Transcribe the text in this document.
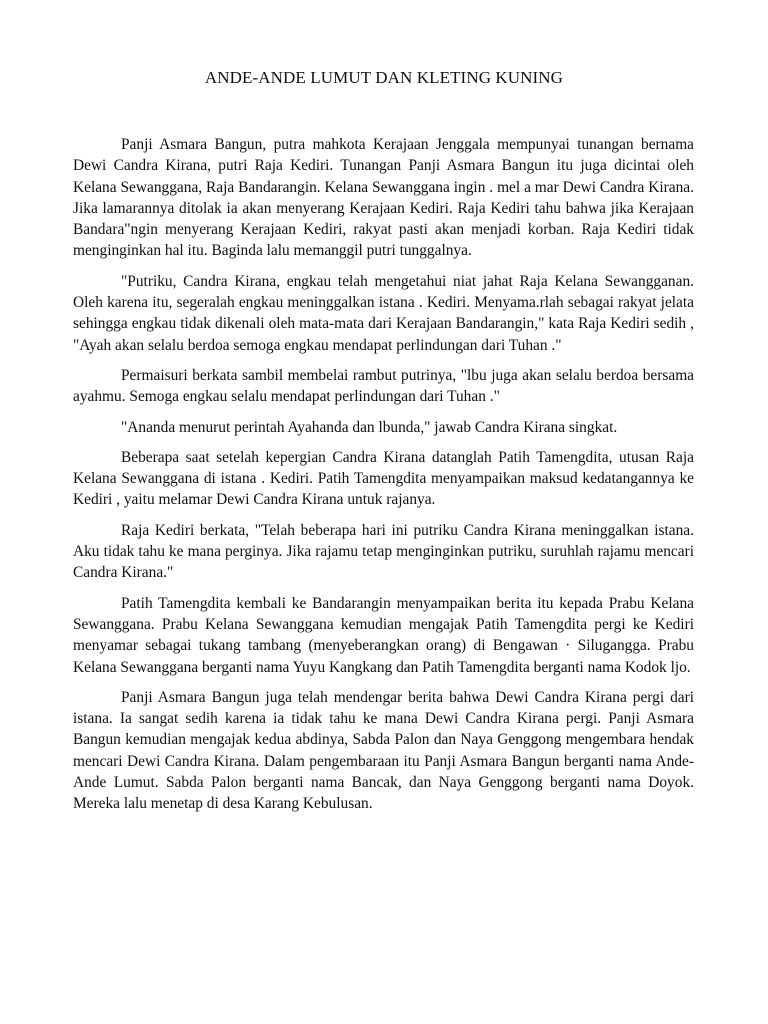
ANDE-ANDE LUMUT DAN KLETING KUNING

Panji Asmara Bangun, putra mahkota Kerajaan Jenggala mempunyai tunangan bernama Dewi Candra Kirana, putri Raja Kediri. Tunangan Panji Asmara Bangun itu juga dicintai oleh Kelana Sewanggana, Raja Bandarangin. Kelana Sewanggana ingin . mel a mar Dewi Candra Kirana. Jika lamarannya ditolak ia akan menyerang Kerajaan Kediri. Raja Kediri tahu bahwa jika Kerajaan Bandara"ngin menyerang Kerajaan Kediri, rakyat pasti akan menjadi korban. Raja Kediri tidak menginginkan hal itu. Baginda lalu memanggil putri tunggalnya.

"Putriku, Candra Kirana, engkau telah mengetahui niat jahat Raja Kelana Sewangganan. Oleh karena itu, segeralah engkau meninggalkan istana . Kediri. Menyama.rlah sebagai rakyat jelata sehingga engkau tidak dikenali oleh mata-mata dari Kerajaan Bandarangin," kata Raja Kediri sedih , "Ayah akan selalu berdoa semoga engkau mendapat perlindungan dari Tuhan ."

Permaisuri berkata sambil membelai rambut putrinya, "lbu juga akan selalu berdoa bersama ayahmu. Semoga engkau selalu mendapat perlindungan dari Tuhan ."

"Ananda menurut perintah Ayahanda dan lbunda," jawab Candra Kirana singkat.

Beberapa saat setelah kepergian Candra Kirana datanglah Patih Tamengdita, utusan Raja Kelana Sewanggana di istana . Kediri. Patih Tamengdita menyampaikan maksud kedatangannya ke Kediri , yaitu melamar Dewi Candra Kirana untuk rajanya.

Raja Kediri berkata, "Telah beberapa hari ini putriku Candra Kirana meninggalkan istana. Aku tidak tahu ke mana perginya. Jika rajamu tetap menginginkan putriku, suruhlah rajamu mencari Candra Kirana."

Patih Tamengdita kembali ke Bandarangin menyampaikan berita itu kepada Prabu Kelana Sewanggana. Prabu Kelana Sewanggana kemudian mengajak Patih Tamengdita pergi ke Kediri menyamar sebagai tukang tambang (menyeberangkan orang) di Bengawan · Silugangga. Prabu Kelana Sewanggana berganti nama Yuyu Kangkang dan Patih Tamengdita berganti nama Kodok ljo.

Panji Asmara Bangun juga telah mendengar berita bahwa Dewi Candra Kirana pergi dari istana. Ia sangat sedih karena ia tidak tahu ke mana Dewi Candra Kirana pergi. Panji Asmara Bangun kemudian mengajak kedua abdinya, Sabda Palon dan Naya Genggong mengembara hendak mencari Dewi Candra Kirana. Dalam pengembaraan itu Panji Asmara Bangun berganti nama Ande-Ande Lumut. Sabda Palon berganti nama Bancak, dan Naya Genggong berganti nama Doyok. Mereka lalu menetap di desa Karang Kebulusan.
